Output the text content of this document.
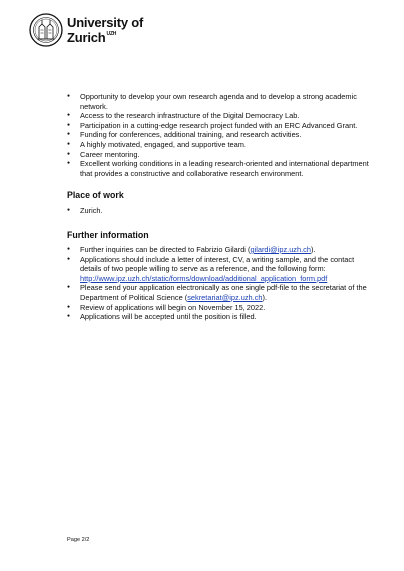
University of
Zurich$^{UZH}$
● Opportunity to develop your own research agenda and to develop a strong academic network.
● Access to the research infrastructure of the Digital Democracy Lab.
● Participation in a cutting-edge research project funded with an ERC Advanced Grant.
● Funding for conferences, additional training, and research activities.
● A highly motivated, engaged, and supportive team.
● Career mentoring.
● Excellent working conditions in a leading research-oriented and international department that provides a constructive and collaborative research environment.
Place of work
● Zurich.
Further information
● Further inquiries can be directed to Fabrizio Gilardi (gilardi@ipz.uzh.ch).
● Applications should include a letter of interest, CV, a writing sample, and the contact details of two people willing to serve as a reference, and the following form: http://www.ipz.uzh.ch/static/forms/download/additional_application_form.pdf
● Please send your application electronically as one single pdf-file to the secretariat of the Department of Political Science (sekretariat@ipz.uzh.ch).
● Review of applications will begin on November 15, 2022.
● Applications will be accepted until the position is filled.
Page 2/2
